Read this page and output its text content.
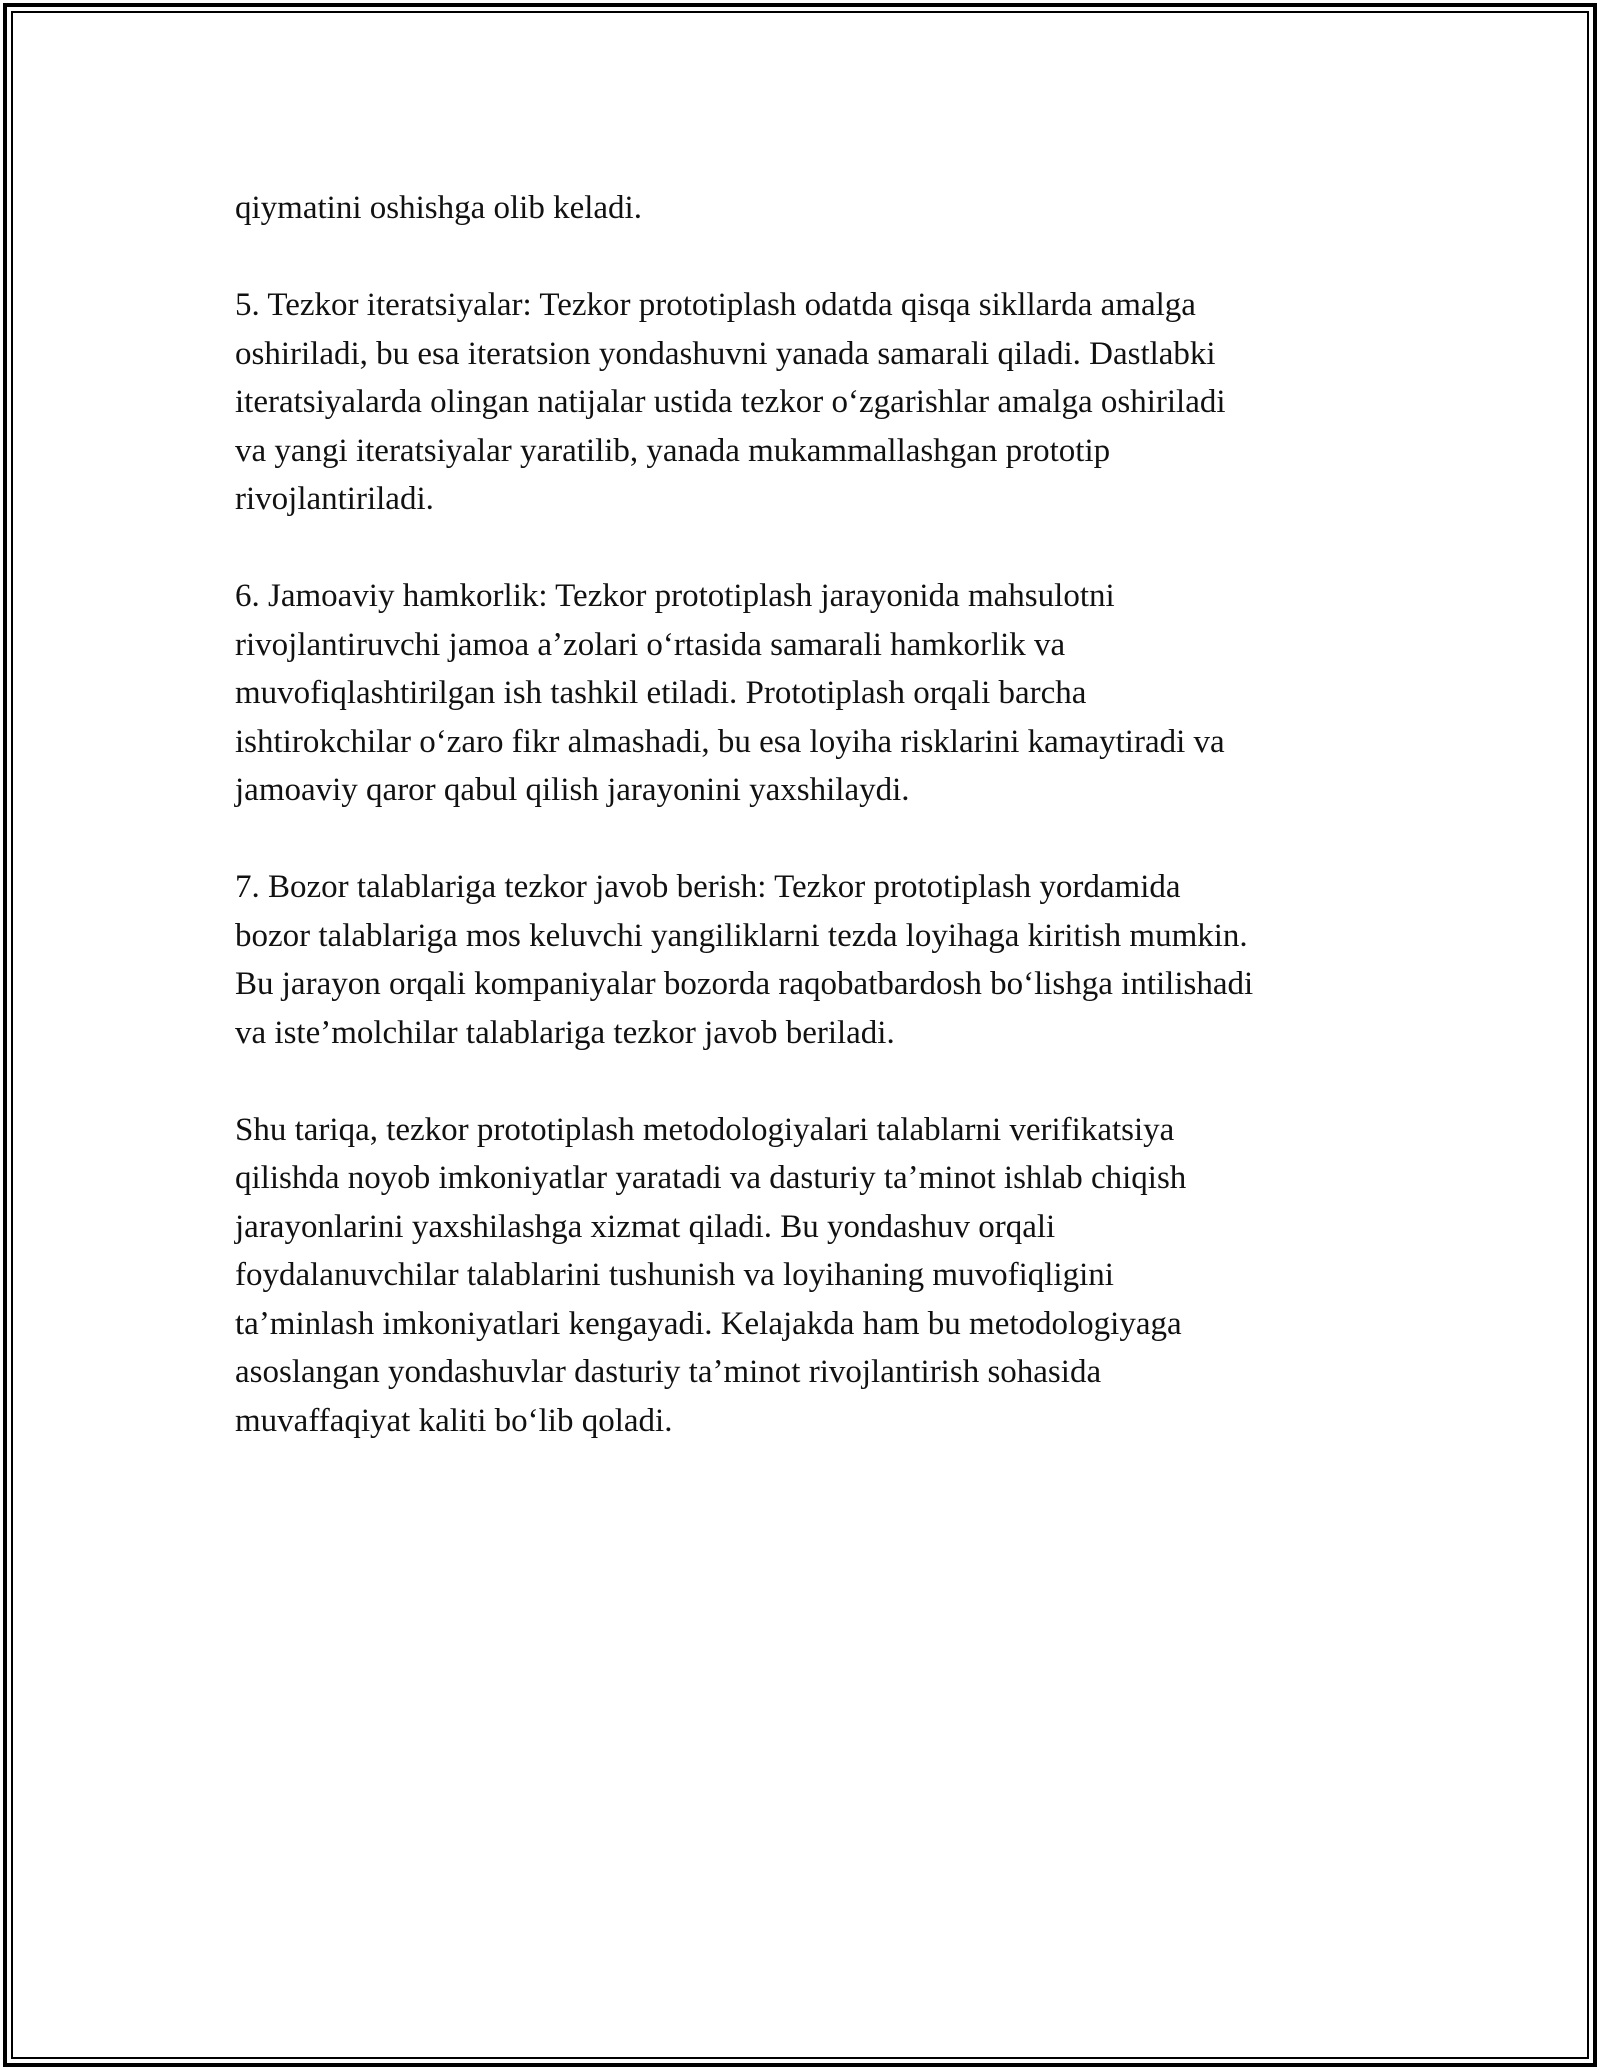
qiymatini oshishga olib keladi.

5. Tezkor iteratsiyalar: Tezkor prototiplash odatda qisqa sikllarda amalga
oshiriladi, bu esa iteratsion yondashuvni yanada samarali qiladi. Dastlabki
iteratsiyalarda olingan natijalar ustida tezkor oʻzgarishlar amalga oshiriladi
va yangi iteratsiyalar yaratilib, yanada mukammallashgan prototip
rivojlantiriladi.

6. Jamoaviy hamkorlik: Tezkor prototiplash jarayonida mahsulotni
rivojlantiruvchi jamoa aʼzolari oʻrtasida samarali hamkorlik va
muvofiqlashtirilgan ish tashkil etiladi. Prototiplash orqali barcha
ishtirokchilar oʻzaro fikr almashadi, bu esa loyiha risklarini kamaytiradi va
jamoaviy qaror qabul qilish jarayonini yaxshilaydi.

7. Bozor talablariga tezkor javob berish: Tezkor prototiplash yordamida
bozor talablariga mos keluvchi yangiliklarni tezda loyihaga kiritish mumkin.
Bu jarayon orqali kompaniyalar bozorda raqobatbardosh boʻlishga intilishadi
va isteʼmolchilar talablariga tezkor javob beriladi.

Shu tariqa, tezkor prototiplash metodologiyalari talablarni verifikatsiya
qilishda noyob imkoniyatlar yaratadi va dasturiy taʼminot ishlab chiqish
jarayonlarini yaxshilashga xizmat qiladi. Bu yondashuv orqali
foydalanuvchilar talablarini tushunish va loyihaning muvofiqligini
taʼminlash imkoniyatlari kengayadi. Kelajakda ham bu metodologiyaga
asoslangan yondashuvlar dasturiy taʼminot rivojlantirish sohasida
muvaffaqiyat kaliti boʻlib qoladi.
